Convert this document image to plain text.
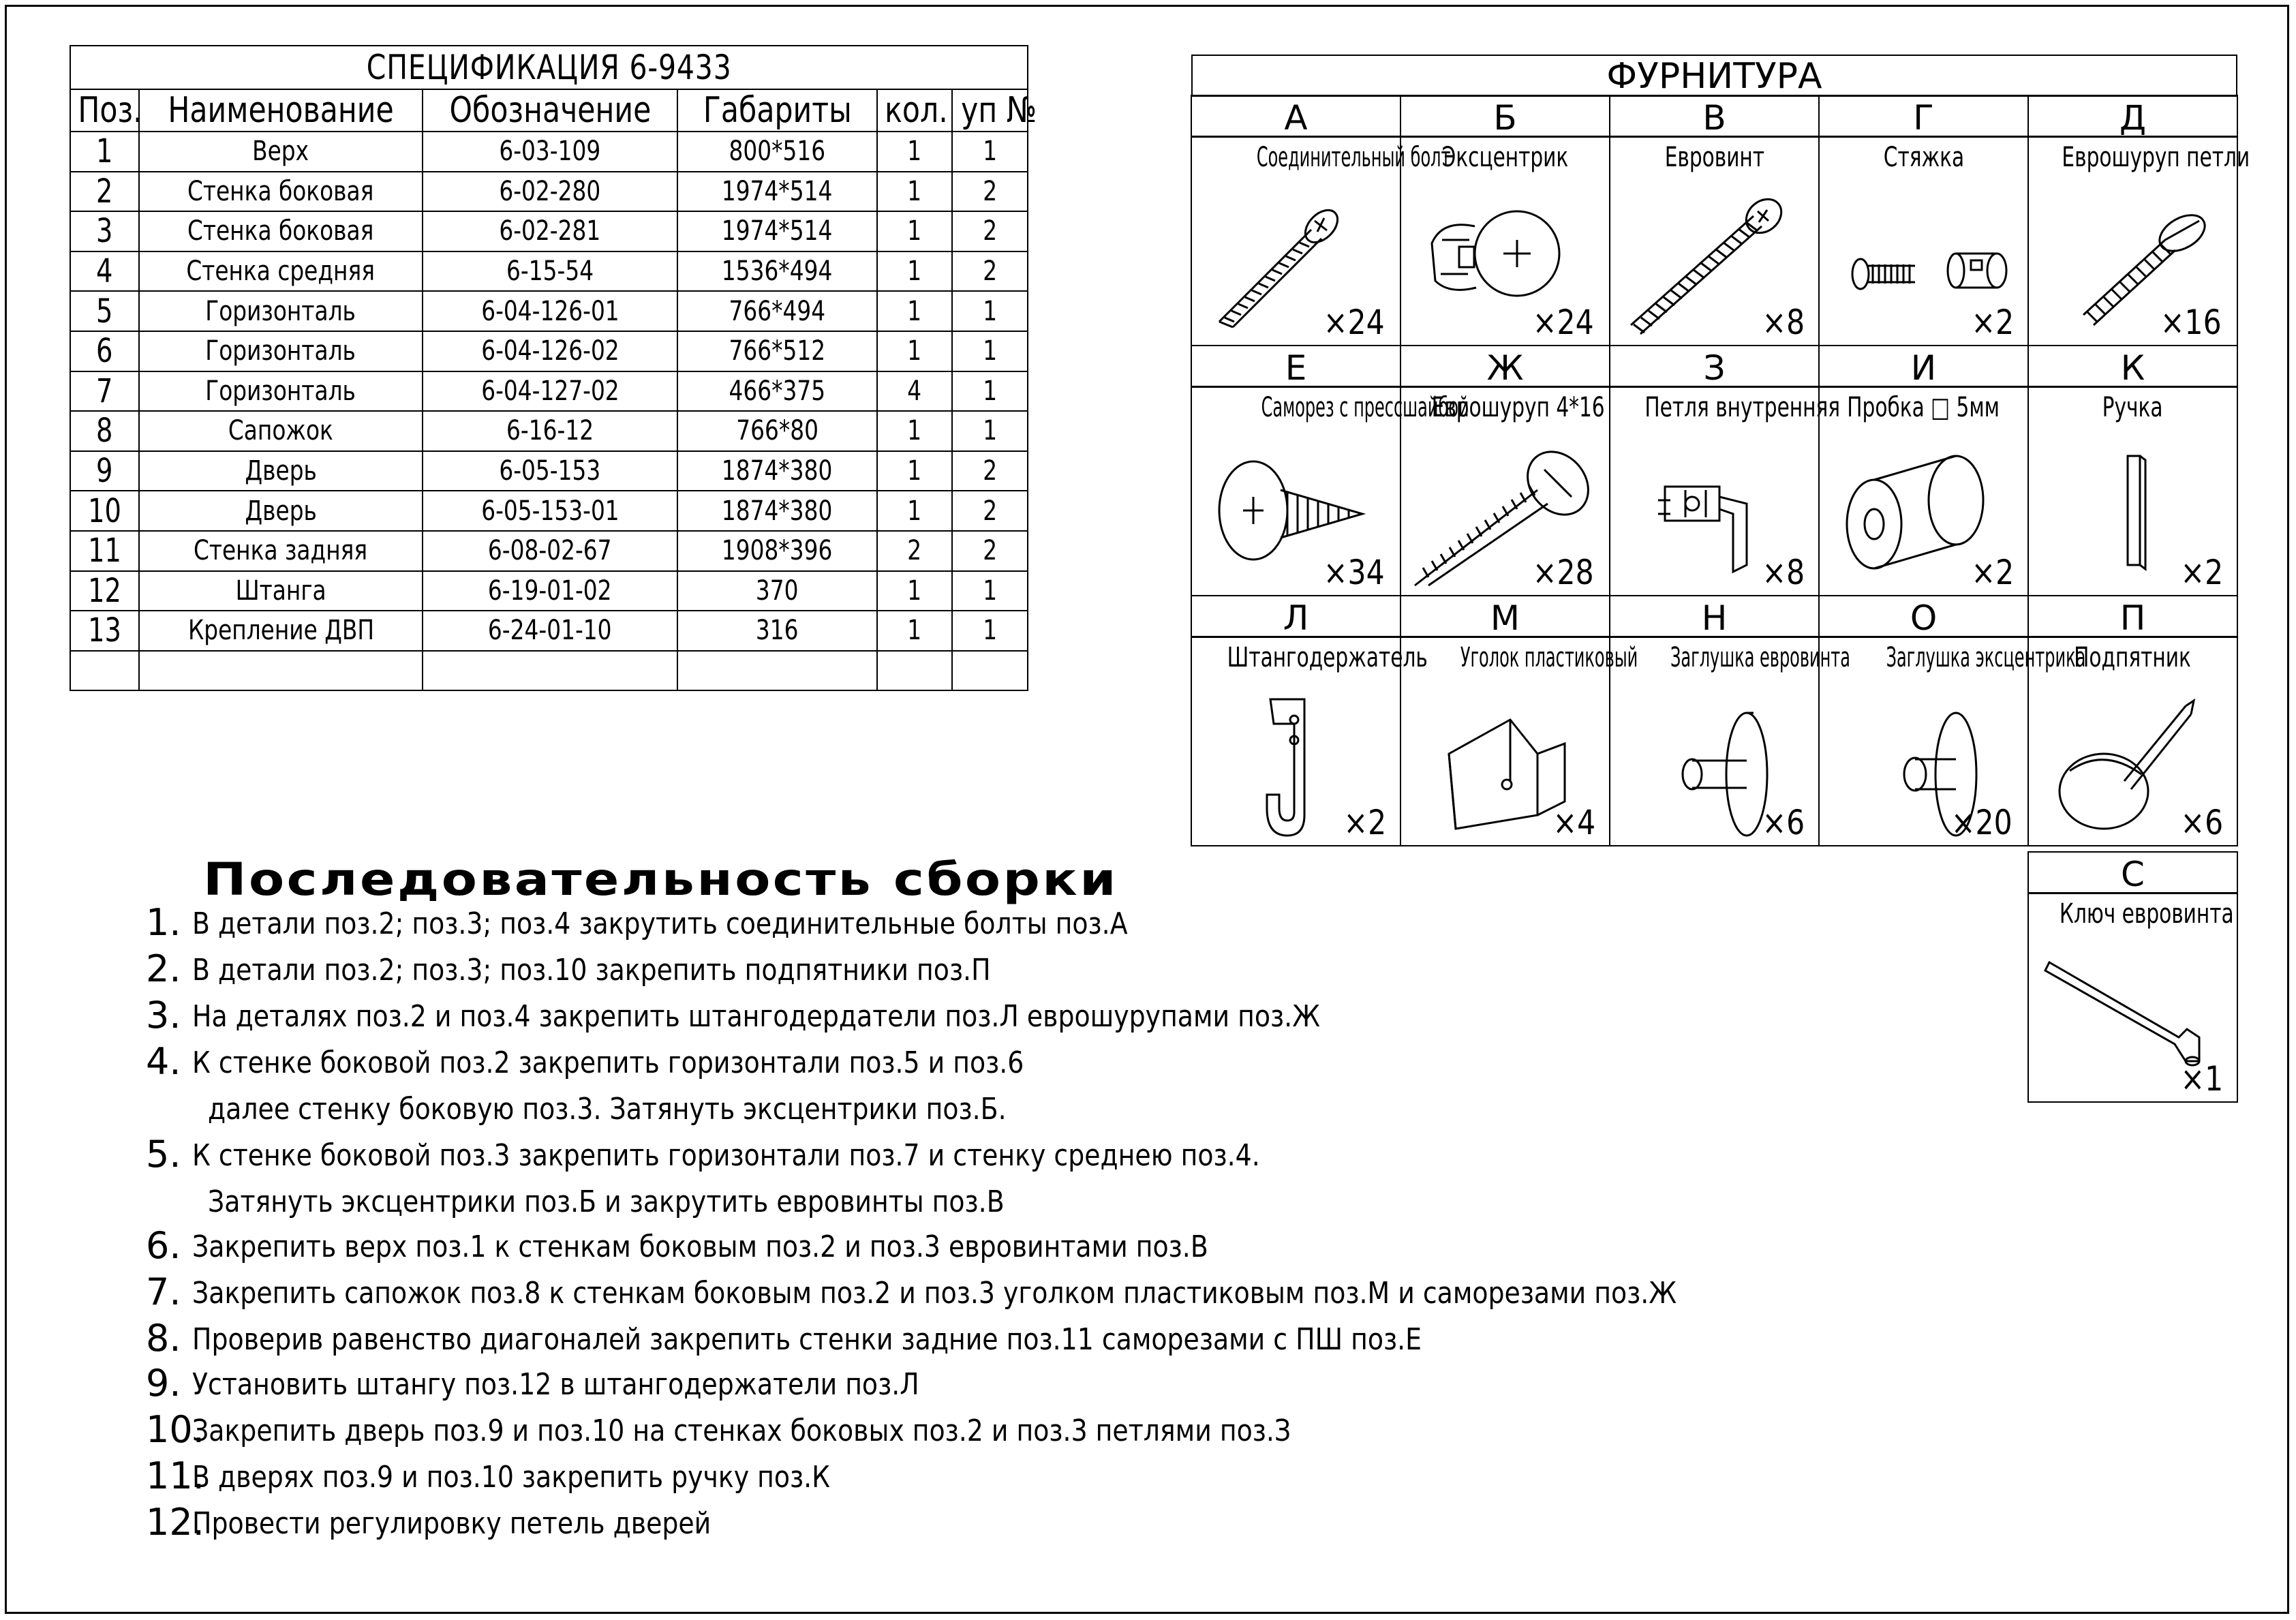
СПЕЦИФИКАЦИЯ 6-9433					
Поз.	Наименование	Обозначение	Габариты	кол.	уп №
1	Верх	6-03-109	800*516	1	1
2	Стенка боковая	6-02-280	1974*514	1	2
3	Стенка боковая	6-02-281	1974*514	1	2
4	Стенка средняя	6-15-54	1536*494	1	2
5	Горизонталь	6-04-126-01	766*494	1	1
6	Горизонталь	6-04-126-02	766*512	1	1
7	Горизонталь	6-04-127-02	466*375	4	1
8	Сапожок	6-16-12	766*80	1	1
9	Дверь	6-05-153	1874*380	1	2
10	Дверь	6-05-153-01	1874*380	1	2
11	Стенка задняя	6-08-02-67	1908*396	2	2
12	Штанга	6-19-01-02	370	1	1
13	Крепление ДВП	6-24-01-10	316	1	1

ФУРНИТУРА
А
Соединительный болт
×24
Б
Эксцентрик
×24
В
Евровинт
×8
Г
Стяжка
×2
Д
Еврошуруп петли
×16
Е
Саморез с прессшайбой
×34
Ж
Еврошуруп 4*16
×28
З
Петля внутренняя
×8
И
Пробка □ 5мм
×2
К
Ручка
×2
Л
Штангодержатель
×2
М
Уголок пластиковый
×4
Н
Заглушка евровинта
×6
О
Заглушка эксцентрика
×20
П
Подпятник
×6
С
Ключ евровинта
×1
Последовательность сборки
1. В детали поз.2; поз.3; поз.4 закрутить соединительные болты поз.А
2. В детали поз.2; поз.3; поз.10 закрепить подпятники поз.П
3. На деталях поз.2 и поз.4 закрепить штангодердатели поз.Л еврошурупами поз.Ж
4. К стенке боковой поз.2 закрепить горизонтали поз.5 и поз.6
далее стенку боковую поз.3. Затянуть эксцентрики поз.Б.
5. К стенке боковой поз.3 закрепить горизонтали поз.7 и стенку среднею поз.4.
Затянуть эксцентрики поз.Б и закрутить евровинты поз.В
6. Закрепить верх поз.1 к стенкам боковым поз.2 и поз.3 евровинтами поз.В
7. Закрепить сапожок поз.8 к стенкам боковым поз.2 и поз.3 уголком пластиковым поз.М и саморезами поз.Ж
8. Проверив равенство диагоналей закрепить стенки задние поз.11 саморезами с ПШ поз.Е
9. Установить штангу поз.12 в штангодержатели поз.Л
10.
Закрепить дверь поз.9 и поз.10 на стенках боковых поз.2 и поз.3 петлями поз.З
11.
В дверях поз.9 и поз.10 закрепить ручку поз.К
12.
Провести регулировку петель дверей
